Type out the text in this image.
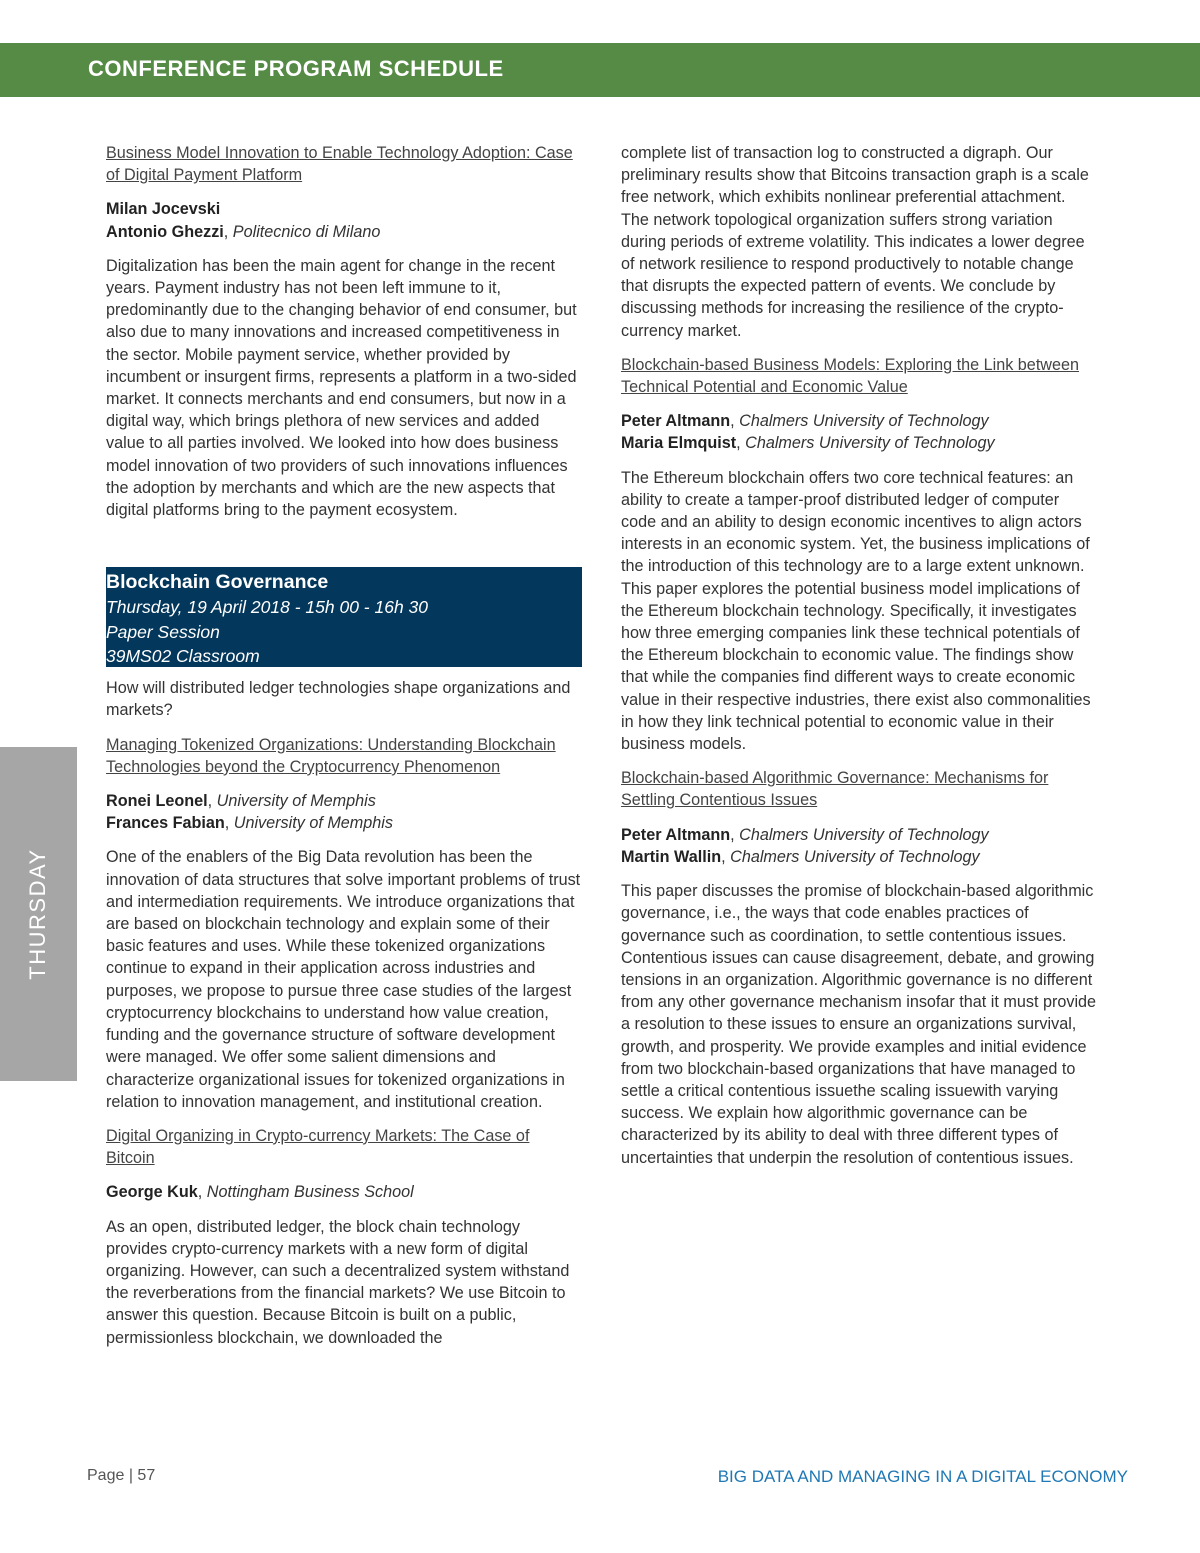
CONFERENCE PROGRAM SCHEDULE
THURSDAY
Business Model Innovation to Enable Technology Adoption: Case of Digital Payment Platform
Milan Jocevski
Antonio Ghezzi, Politecnico di Milano
Digitalization has been the main agent for change in the recent years. Payment industry has not been left immune to it, predominantly due to the changing behavior of end consumer, but also due to many innovations and increased competitiveness in the sector. Mobile payment service, whether provided by incumbent or insurgent firms, represents a platform in a two-sided market. It connects merchants and end consumers, but now in a digital way, which brings plethora of new services and added value to all parties involved. We looked into how does business model innovation of two providers of such innovations influences the adoption by merchants and which are the new aspects that digital platforms bring to the payment ecosystem.
Blockchain Governance
Thursday, 19 April 2018 - 15h 00 - 16h 30
Paper Session
39MS02 Classroom
How will distributed ledger technologies shape organizations and markets?
Managing Tokenized Organizations: Understanding Blockchain Technologies beyond the Cryptocurrency Phenomenon
Ronei Leonel, University of Memphis
Frances Fabian, University of Memphis
One of the enablers of the Big Data revolution has been the innovation of data structures that solve important problems of trust and intermediation requirements. We introduce organizations that are based on blockchain technology and explain some of their basic features and uses. While these tokenized organizations continue to expand in their application across industries and purposes, we propose to pursue three case studies of the largest cryptocurrency blockchains to understand how value creation, funding and the governance structure of software development were managed. We offer some salient dimensions and characterize organizational issues for tokenized organizations in relation to innovation management, and institutional creation.
Digital Organizing in Crypto-currency Markets: The Case of Bitcoin
George Kuk, Nottingham Business School
As an open, distributed ledger, the block chain technology provides crypto-currency markets with a new form of digital organizing. However, can such a decentralized system withstand the reverberations from the financial markets? We use Bitcoin to answer this question. Because Bitcoin is built on a public, permissionless blockchain, we downloaded the
complete list of transaction log to constructed a digraph. Our preliminary results show that Bitcoins transaction graph is a scale free network, which exhibits nonlinear preferential attachment. The network topological organization suffers strong variation during periods of extreme volatility. This indicates a lower degree of network resilience to respond productively to notable change that disrupts the expected pattern of events. We conclude by discussing methods for increasing the resilience of the crypto-currency market.
Blockchain-based Business Models: Exploring the Link between Technical Potential and Economic Value
Peter Altmann, Chalmers University of Technology
Maria Elmquist, Chalmers University of Technology
The Ethereum blockchain offers two core technical features: an ability to create a tamper-proof distributed ledger of computer code and an ability to design economic incentives to align actors interests in an economic system. Yet, the business implications of the introduction of this technology are to a large extent unknown. This paper explores the potential business model implications of the Ethereum blockchain technology. Specifically, it investigates how three emerging companies link these technical potentials of the Ethereum blockchain to economic value. The findings show that while the companies find different ways to create economic value in their respective industries, there exist also commonalities in how they link technical potential to economic value in their business models.
Blockchain-based Algorithmic Governance: Mechanisms for Settling Contentious Issues
Peter Altmann, Chalmers University of Technology
Martin Wallin, Chalmers University of Technology
This paper discusses the promise of blockchain-based algorithmic governance, i.e., the ways that code enables practices of governance such as coordination, to settle contentious issues. Contentious issues can cause disagreement, debate, and growing tensions in an organization. Algorithmic governance is no different from any other governance mechanism insofar that it must provide a resolution to these issues to ensure an organizations survival, growth, and prosperity. We provide examples and initial evidence from two blockchain-based organizations that have managed to settle a critical contentious issuethe scaling issuewith varying success. We explain how algorithmic governance can be characterized by its ability to deal with three different types of uncertainties that underpin the resolution of contentious issues.
Page | 57	BIG DATA AND MANAGING IN A DIGITAL ECONOMY
